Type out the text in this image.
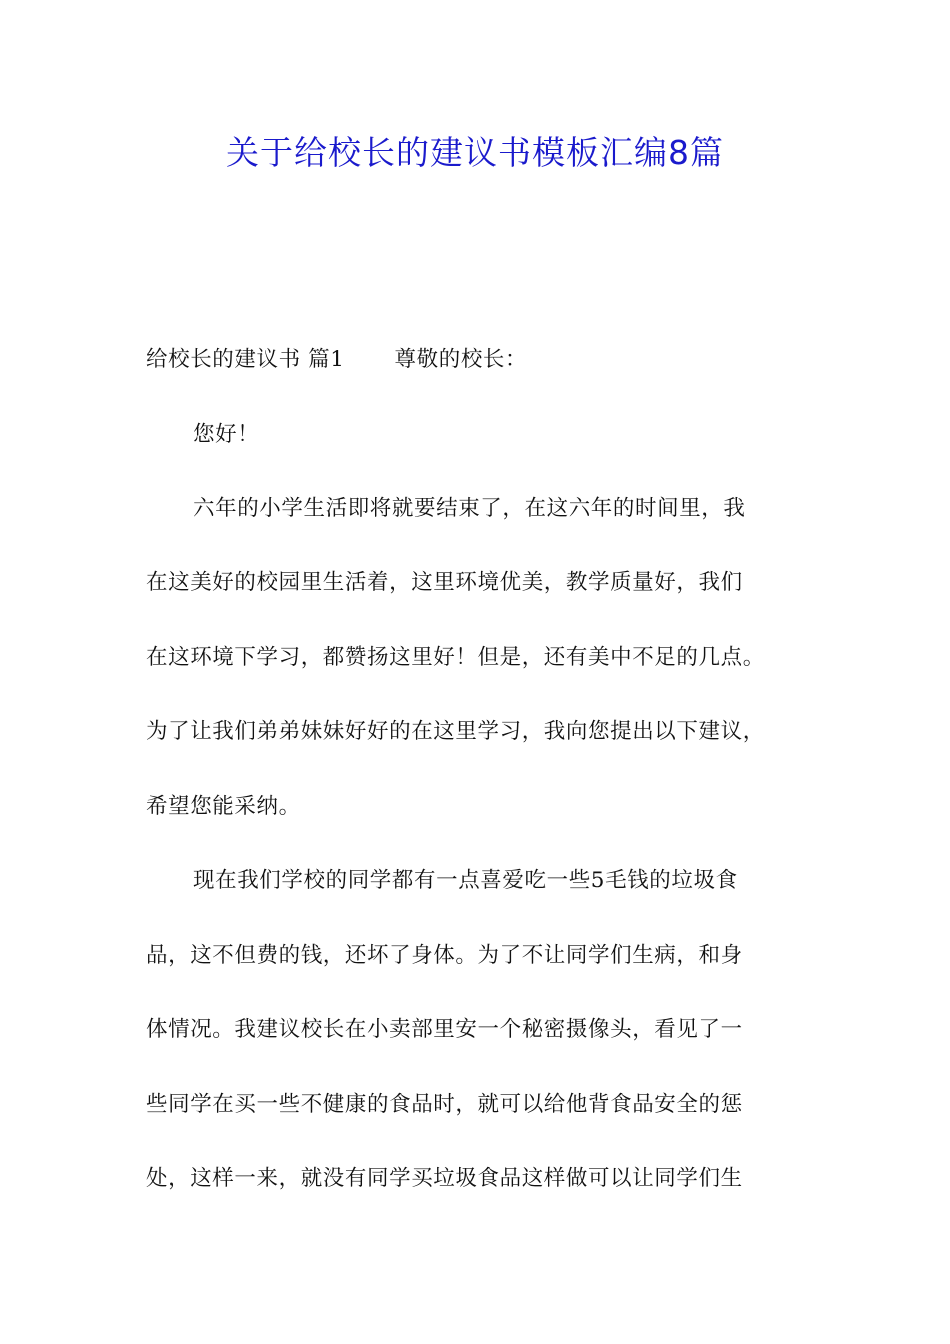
关于给校长的建议书模板汇编8篇
给校长的建议书 篇1 尊敬的校长：
您好！
六年的小学生活即将就要结束了，在这六年的时间里，我
在这美好的校园里生活着，这里环境优美，教学质量好，我们
在这环境下学习，都赞扬这里好！但是，还有美中不足的几点。
为了让我们弟弟妹妹好好的在这里学习，我向您提出以下建议，
希望您能采纳。
现在我们学校的同学都有一点喜爱吃一些5毛钱的垃圾食
品，这不但费的钱，还坏了身体。为了不让同学们生病，和身
体情况。我建议校长在小卖部里安一个秘密摄像头，看见了一
些同学在买一些不健康的食品时，就可以给他背食品安全的惩
处，这样一来，就没有同学买垃圾食品这样做可以让同学们生
